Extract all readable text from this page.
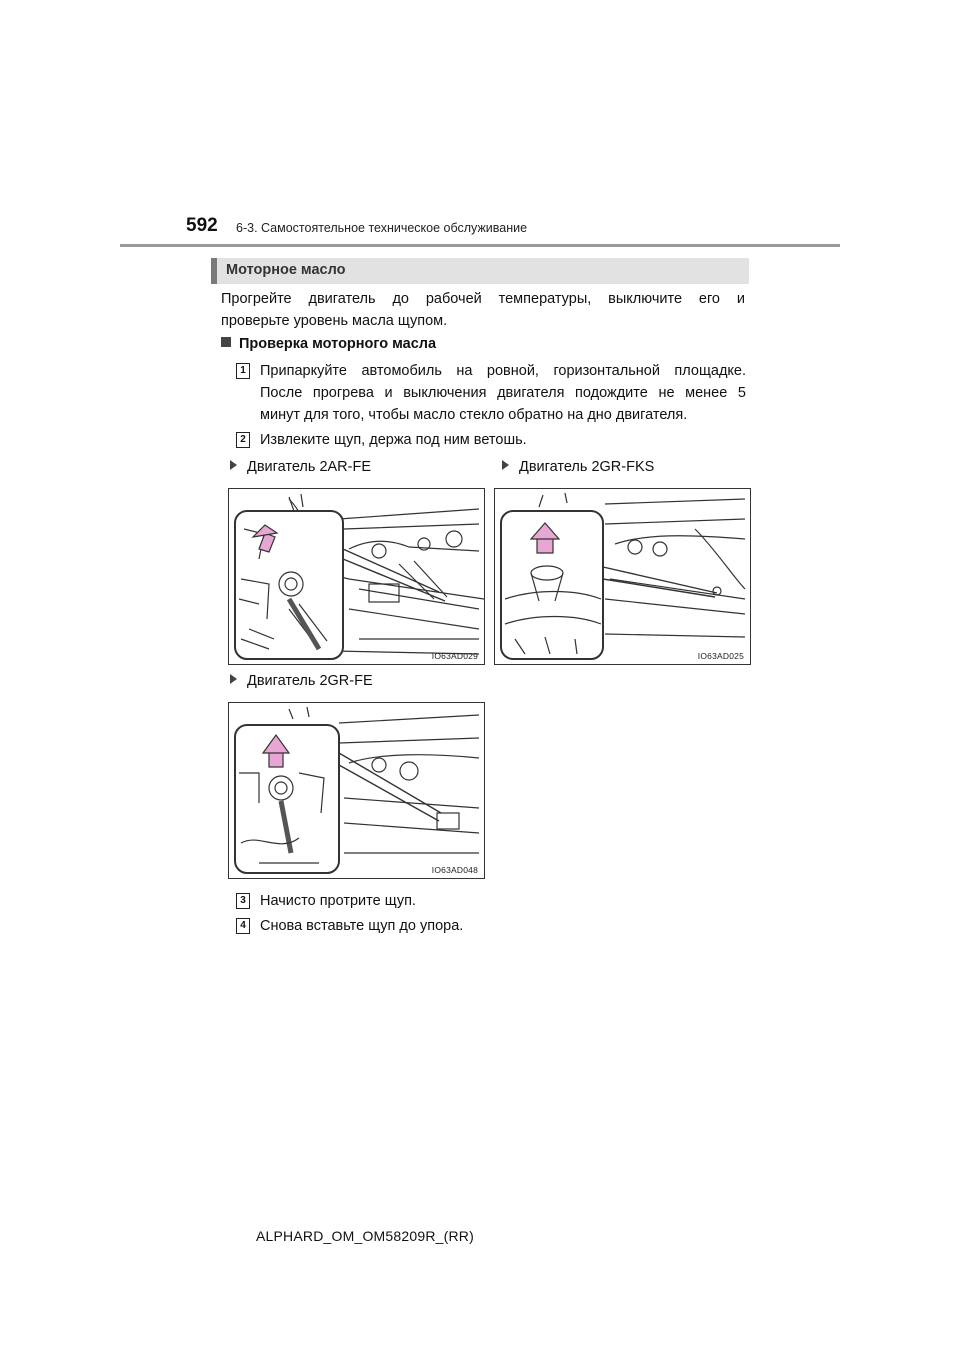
592 6-3. Самостоятельное техническое обслуживание
Моторное масло
Прогрейте двигатель до рабочей температуры, выключите его и
проверьте уровень масла щупом.
Проверка моторного масла
1 Припаркуйте автомобиль на ровной, горизонтальной площадке.
После прогрева и выключения двигателя подождите не менее 5
минут для того, чтобы масло стекло обратно на дно двигателя.
2 Извлеките щуп, держа под ним ветошь.
Двигатель 2AR-FE	Двигатель 2GR-FKS
IO63AD029	IO63AD025
Двигатель 2GR-FE
IO63AD048
3 Начисто протрите щуп.
4 Снова вставьте щуп до упора.
ALPHARD_OM_OM58209R_(RR)
